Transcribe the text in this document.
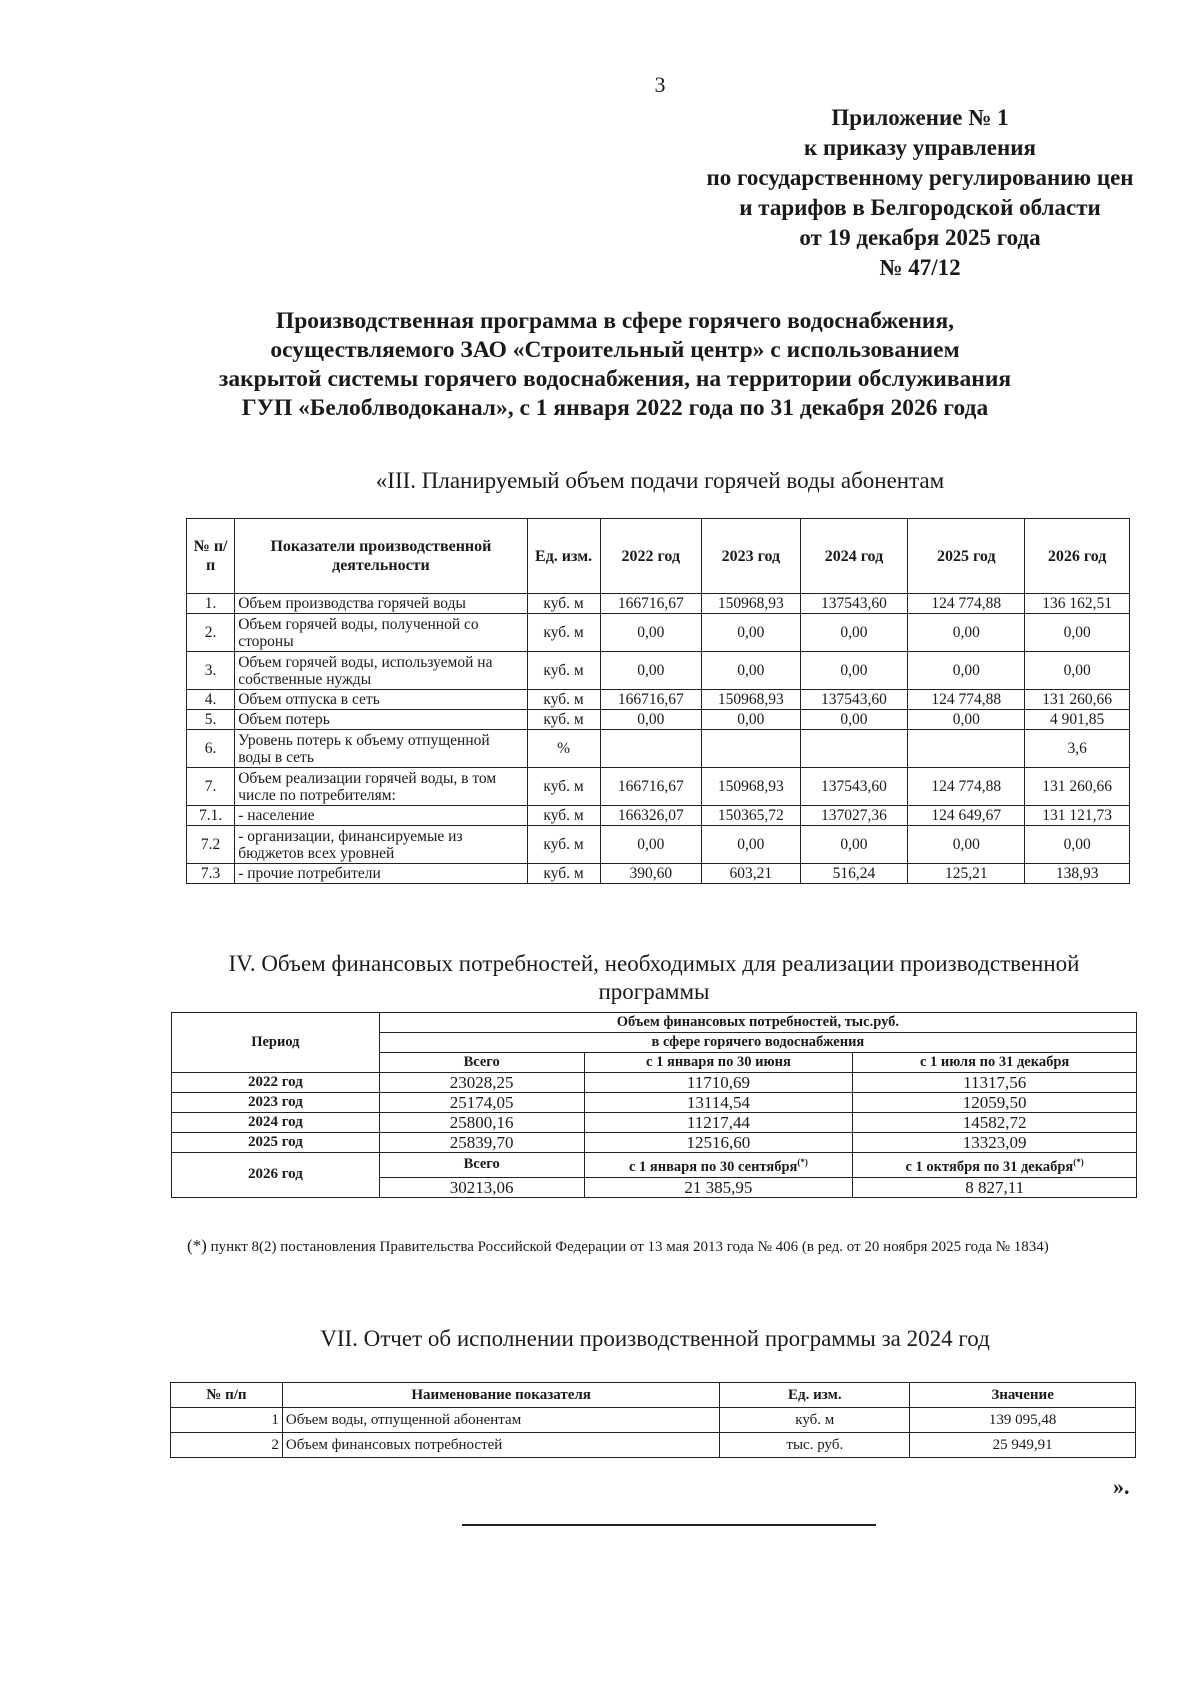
3
Приложение № 1
к приказу управления
по государственному регулированию цен
и тарифов в Белгородской области
от 19 декабря 2025 года
№ 47/12
Производственная программа в сфере горячего водоснабжения,
осуществляемого ЗАО «Строительный центр» с использованием
закрытой системы горячего водоснабжения, на территории обслуживания
ГУП «Белоблводоканал», с 1 января 2022 года по 31 декабря 2026 года
«III. Планируемый объем подачи горячей воды абонентам
№ п/п	Показатели производственной деятельности	Ед. изм.	2022 год	2023 год	2024 год	2025 год	2026 год
1.	Объем производства горячей воды	куб. м	166716,67	150968,93	137543,60	124 774,88	136 162,51
2.	Объем горячей воды, полученной со стороны	куб. м	0,00	0,00	0,00	0,00	0,00
3.	Объем горячей воды, используемой на собственные нужды	куб. м	0,00	0,00	0,00	0,00	0,00
4.	Объем отпуска в сеть	куб. м	166716,67	150968,93	137543,60	124 774,88	131 260,66
5.	Объем потерь	куб. м	0,00	0,00	0,00	0,00	4 901,85
6.	Уровень потерь к объему отпущенной воды в сеть	%					3,6
7.	Объем реализации горячей воды, в том числе по потребителям:	куб. м	166716,67	150968,93	137543,60	124 774,88	131 260,66
7.1.	- население	куб. м	166326,07	150365,72	137027,36	124 649,67	131 121,73
7.2	- организации, финансируемые из бюджетов всех уровней	куб. м	0,00	0,00	0,00	0,00	0,00
7.3	- прочие потребители	куб. м	390,60	603,21	516,24	125,21	138,93
IV. Объем финансовых потребностей, необходимых для реализации производственной
программы
Период	Объем финансовых потребностей, тыс.руб.		
	в сфере горячего водоснабжения		
	Всего	с 1 января по 30 июня	с 1 июля по 31 декабря
2022 год	23028,25	11710,69	11317,56
2023 год	25174,05	13114,54	12059,50
2024 год	25800,16	11217,44	14582,72
2025 год	25839,70	12516,60	13323,09
2026 год	Всего	с 1 января по 30 сентября(*)	с 1 октября по 31 декабря(*)
	30213,06	21 385,95	8 827,11
(*) пункт 8(2) постановления Правительства Российской Федерации от 13 мая 2013 года № 406 (в ред. от 20 ноября 2025 года № 1834)
VII. Отчет об исполнении производственной программы за 2024 год
№ п/п	Наименование показателя	Ед. изм.	Значение
1	Объем воды, отпущенной абонентам	куб. м	139 095,48
2	Объем финансовых потребностей	тыс. руб.	25 949,91
».
